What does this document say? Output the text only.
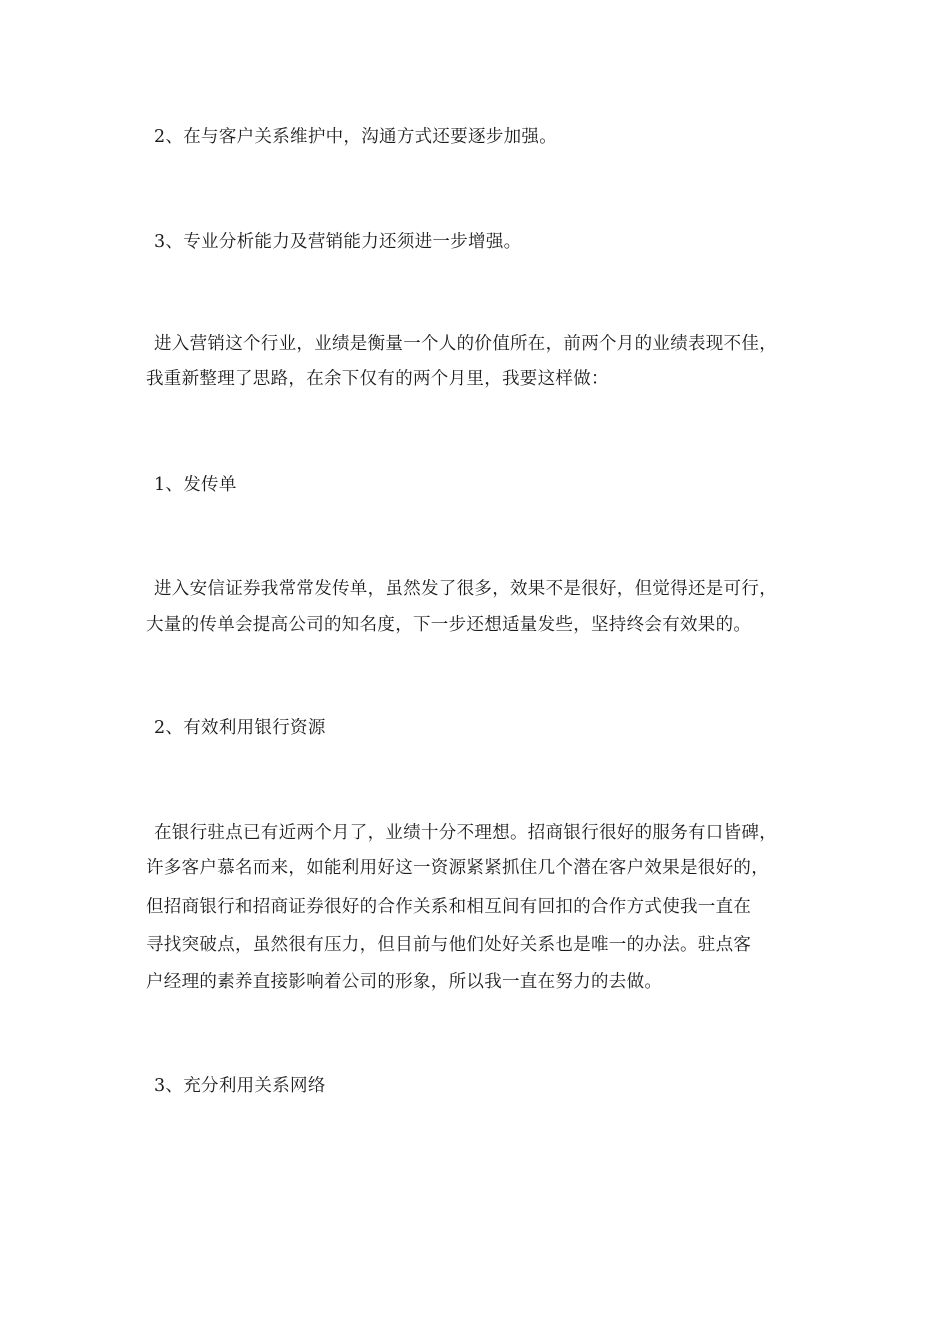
2、在与客户关系维护中，沟通方式还要逐步加强。

3、专业分析能力及营销能力还须进一步增强。

进入营销这个行业，业绩是衡量一个人的价值所在，前两个月的业绩表现不佳，

我重新整理了思路，在余下仅有的两个月里，我要这样做：

1、发传单

进入安信证券我常常发传单，虽然发了很多，效果不是很好，但觉得还是可行，

大量的传单会提高公司的知名度，下一步还想适量发些，坚持终会有效果的。

2、有效利用银行资源

在银行驻点已有近两个月了，业绩十分不理想。招商银行很好的服务有口皆碑，

许多客户慕名而来，如能利用好这一资源紧紧抓住几个潜在客户效果是很好的，

但招商银行和招商证券很好的合作关系和相互间有回扣的合作方式使我一直在

寻找突破点，虽然很有压力，但目前与他们处好关系也是唯一的办法。驻点客

户经理的素养直接影响着公司的形象，所以我一直在努力的去做。

3、充分利用关系网络
